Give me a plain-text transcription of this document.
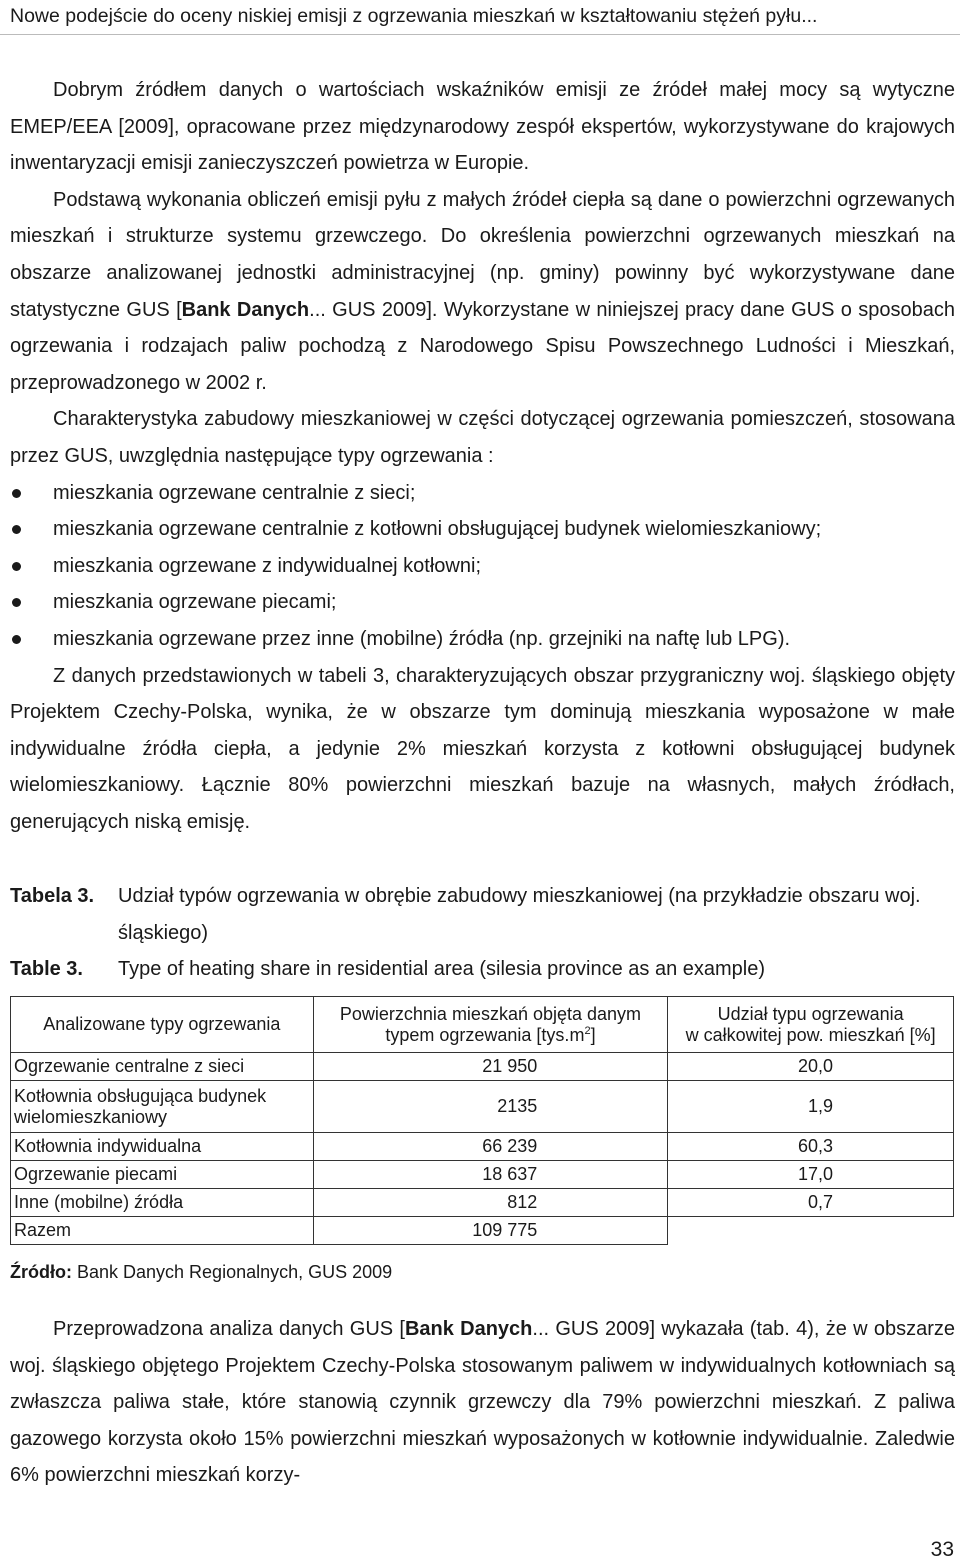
Nowe podejście do oceny niskiej emisji z ogrzewania mieszkań w kształtowaniu stężeń pyłu...

Dobrym źródłem danych o wartościach wskaźników emisji ze źródeł małej mocy są wytyczne EMEP/EEA [2009], opracowane przez międzynarodowy zespół ekspertów, wykorzystywane do krajowych inwentaryzacji emisji zanieczyszczeń powietrza w Europie.

Podstawą wykonania obliczeń emisji pyłu z małych źródeł ciepła są dane o powierzchni ogrzewanych mieszkań i strukturze systemu grzewczego. Do określenia powierzchni ogrzewanych mieszkań na obszarze analizowanej jednostki administracyjnej (np. gminy) powinny być wykorzystywane dane statystyczne GUS [Bank Danych... GUS 2009]. Wykorzystane w niniejszej pracy dane GUS o sposobach ogrzewania i rodzajach paliw pochodzą z Narodowego Spisu Powszechnego Ludności i Mieszkań, przeprowadzonego w 2002 r.

Charakterystyka zabudowy mieszkaniowej w części dotyczącej ogrzewania pomieszczeń, stosowana przez GUS, uwzględnia następujące typy ogrzewania :

mieszkania ogrzewane centralnie z sieci;
mieszkania ogrzewane centralnie z kotłowni obsługującej budynek wielomieszkaniowy;
mieszkania ogrzewane z indywidualnej kotłowni;
mieszkania ogrzewane piecami;
mieszkania ogrzewane przez inne (mobilne) źródła (np. grzejniki na naftę lub LPG).

Z danych przedstawionych w tabeli 3, charakteryzujących obszar przygraniczny woj. śląskiego objęty Projektem Czechy-Polska, wynika, że w obszarze tym dominują mieszkania wyposażone w małe indywidualne źródła ciepła, a jedynie 2% mieszkań korzysta z kotłowni obsługującej budynek wielomieszkaniowy. Łącznie 80% powierzchni mieszkań bazuje na własnych, małych źródłach, generujących niską emisję.

Tabela 3. Udział typów ogrzewania w obrębie zabudowy mieszkaniowej (na przykładzie obszaru woj. śląskiego)
Table 3. Type of heating share in residential area (silesia province as an example)
Analizowane typy ogrzewania	Powierzchnia mieszkań objęta danym typem ogrzewania $[tys.m^2]$	Udział typu ogrzewania
w całkowitej pow. mieszkań [%]
Ogrzewanie centralne z sieci	21 950	20,0
Kotłownia obsługująca budynek wielomieszkaniowy	2135	1,9
Kotłownia indywidualna	66 239	60,3
Ogrzewanie piecami	18 637	17,0
Inne (mobilne) źródła	812	0,7
Razem	109 775	
Źródło: Bank Danych Regionalnych, GUS 2009

Przeprowadzona analiza danych GUS [Bank Danych... GUS 2009] wykazała (tab. 4), że w obszarze woj. śląskiego objętego Projektem Czechy-Polska stosowanym paliwem w indywidualnych kotłowniach są zwłaszcza paliwa stałe, które stanowią czynnik grzewczy dla 79% powierzchni mieszkań. Z paliwa gazowego korzysta około 15% powierzchni mieszkań wyposażonych w kotłownie indywidualnie. Zaledwie 6% powierzchni mieszkań korzy-

33
